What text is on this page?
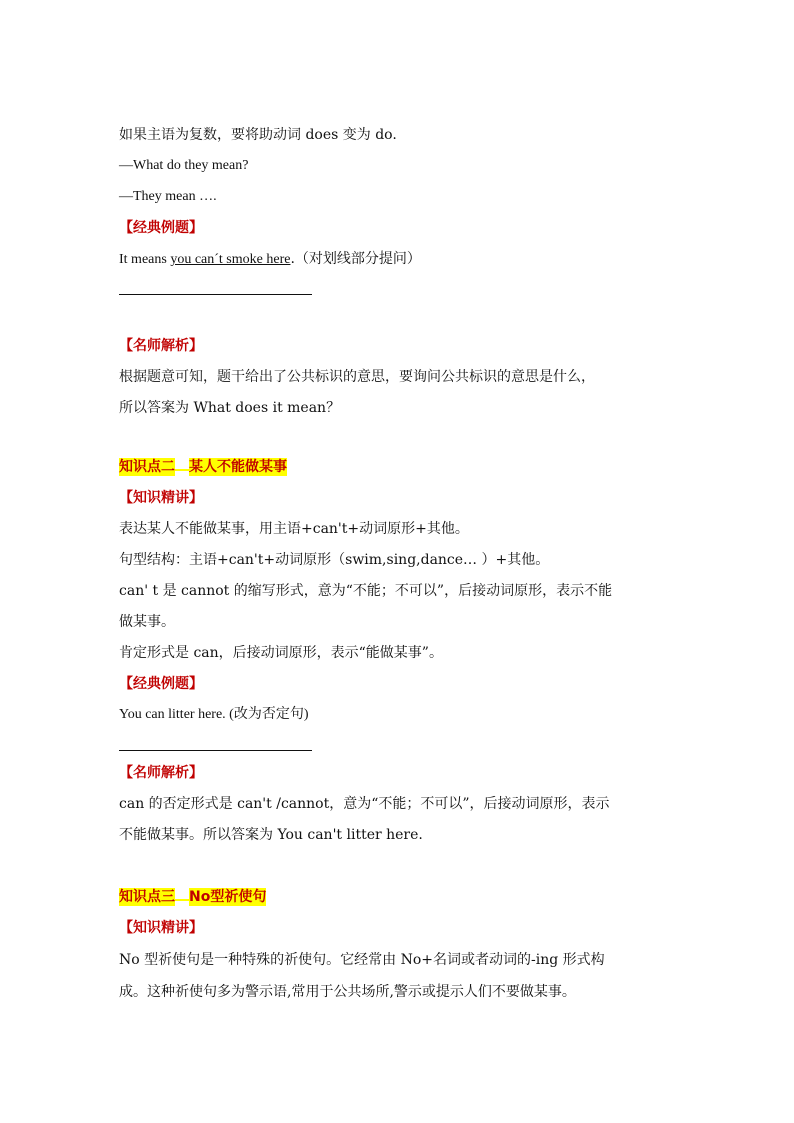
如果主语为复数，要将助动词 does 变为 do.

—What do they mean?

—They mean ….

【经典例题】

It means you can´t smoke here.（对划线部分提问）

【名师解析】

根据题意可知，题干给出了公共标识的意思，要询问公共标识的意思是什么，

所以答案为 What does it mean？

知识点二 某人不能做某事

【知识精讲】

表达某人不能做某事，用主语+can't+动词原形+其他。

句型结构：主语+can't+动词原形（swim,sing,dance… ）+其他。

can' t 是 cannot 的缩写形式，意为“不能；不可以”，后接动词原形，表示不能

做某事。

肯定形式是 can，后接动词原形，表示“能做某事”。

【经典例题】

You can litter here. (改为否定句)

【名师解析】

can 的否定形式是 can't /cannot，意为“不能；不可以”，后接动词原形，表示

不能做某事。所以答案为 You can't litter here.

知识点三 No型祈使句

【知识精讲】

No 型祈使句是一种特殊的祈使句。它经常由 No+名词或者动词的-ing 形式构

成。这种祈使句多为警示语,常用于公共场所,警示或提示人们不要做某事。
